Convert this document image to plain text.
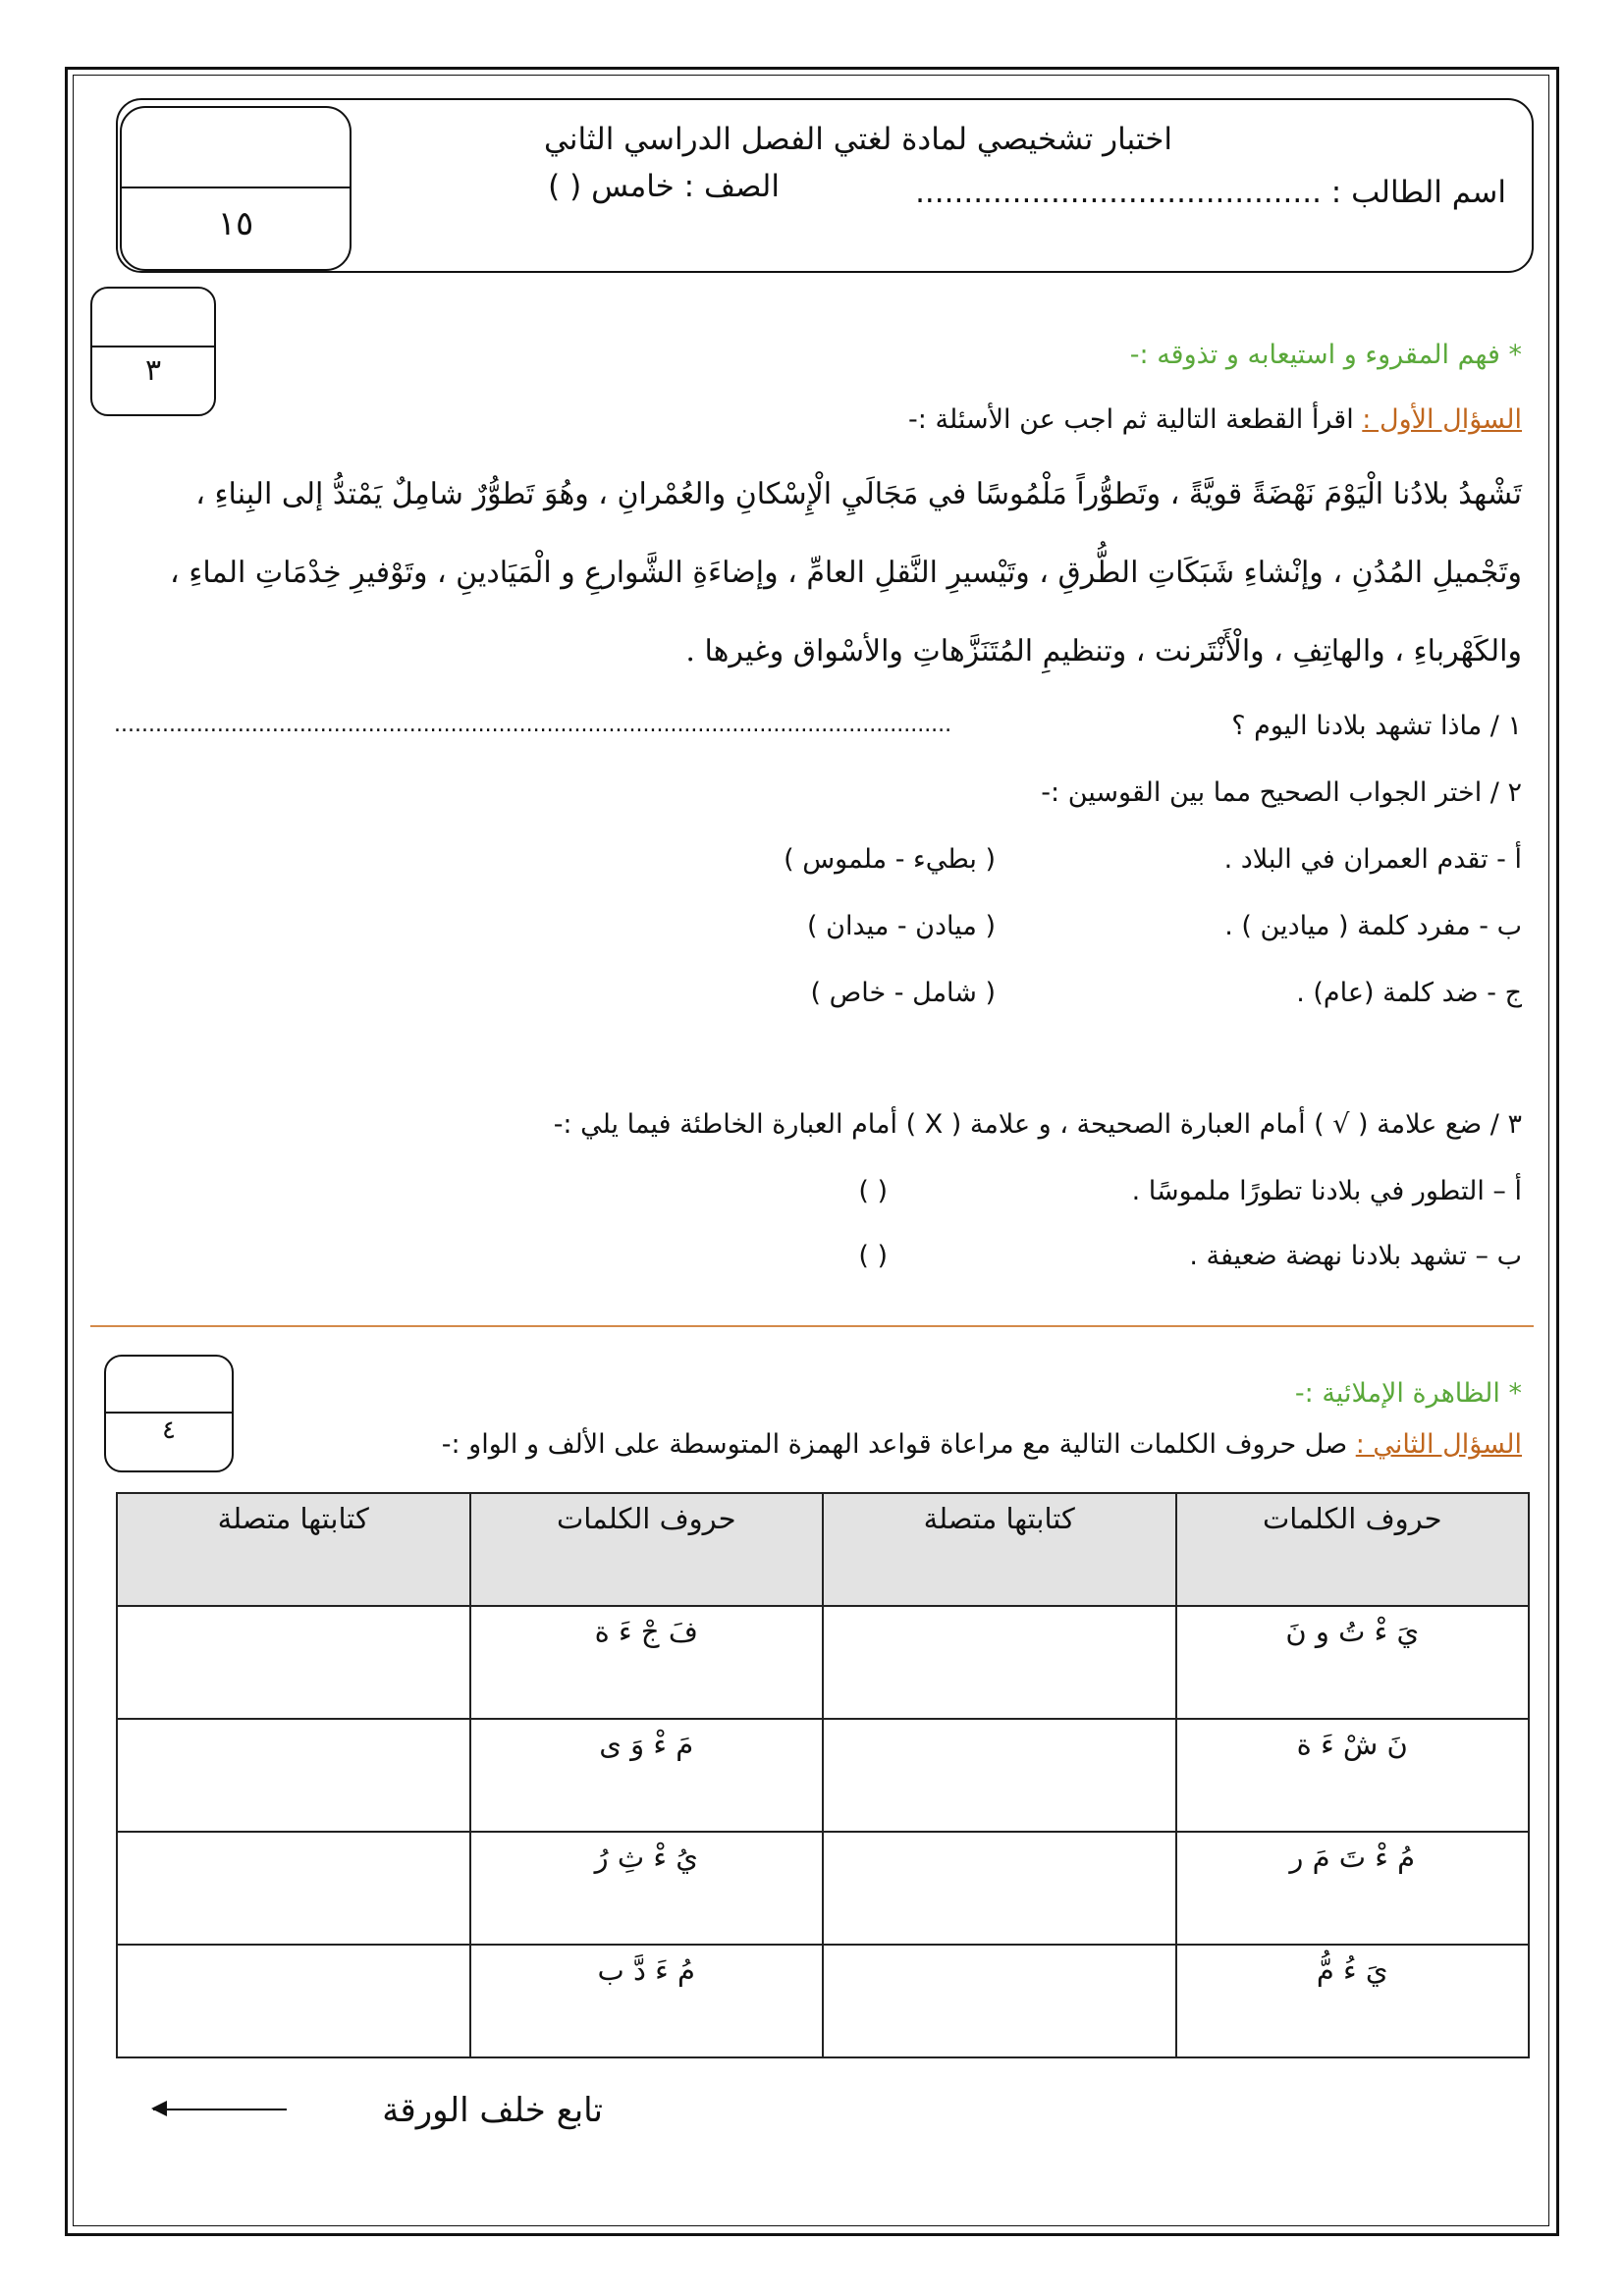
١٥
اختبار تشخيصي لمادة لغتي الفصل الدراسي الثاني
اسم الطالب : ..........................................
الصف : خامس ( )
٣	* فهم المقروء و استيعابه و تذوقه :-
السؤال الأول : اقرأ القطعة التالية ثم اجب عن الأسئلة :-
تَشْهدُ بلادُنا الْيَوْمَ نَهْضَةً قويَّةً ، وتَطوُّراً مَلْمُوسًا في مَجَالَيِ الْإِسْكانِ والعُمْرانِ ، وهُوَ تَطوُّرٌ شامِلٌ يَمْتدُّ إلى البِناءِ ،
وتَجْميلِ المُدُنِ ، وإنْشاءِ شَبَكَاتِ الطُّرقِ ، وتَيْسيرِ النَّقلِ العامِّ ، وإضاءَةِ الشَّوارعِ و الْمَيَادينِ ، وتَوْفيرِ خِدْمَاتِ الماءِ ،
والكَهْرباءِ ، والهاتِفِ ، والْأَنْتَرنت ، وتنظيمِ المُتَنَزَّهاتِ والأسْواق وغيرها .
١ / ماذا تشهد بلادنا اليوم ؟
..........................................................................................................................
٢ / اختر الجواب الصحيح مما بين القوسين :-
أ - تقدم العمران في البلاد .
( بطيء - ملموس )
ب - مفرد كلمة ( ميادين ) .
( ميادن - ميدان )
ج - ضد كلمة (عام) .
( شامل - خاص )
٣ / ضع علامة ( √ ) أمام العبارة الصحيحة ، و علامة ( X ) أمام العبارة الخاطئة فيما يلي :-
أ – التطور في بلادنا تطورًا ملموسًا .
( )
ب – تشهد بلادنا نهضة ضعيفة .
( )
٤
* الظاهرة الإملائية :-
السؤال الثاني : صل حروف الكلمات التالية مع مراعاة قواعد الهمزة المتوسطة على الألف و الواو :-
حروف الكلمات	كتابتها متصلة	حروف الكلمات	كتابتها متصلة
يَ ءْ تُ و نَ		فَ جْ ءَ ة	
نَ شْ ءَ ة		مَ ءْ وَ ى	
مُ ءْ تَ مَ ر		يُ ءْ ثِ رُ	
يَ ءُ مُّ		مُ ءَ دَّ ب	
تابع خلف الورقة
